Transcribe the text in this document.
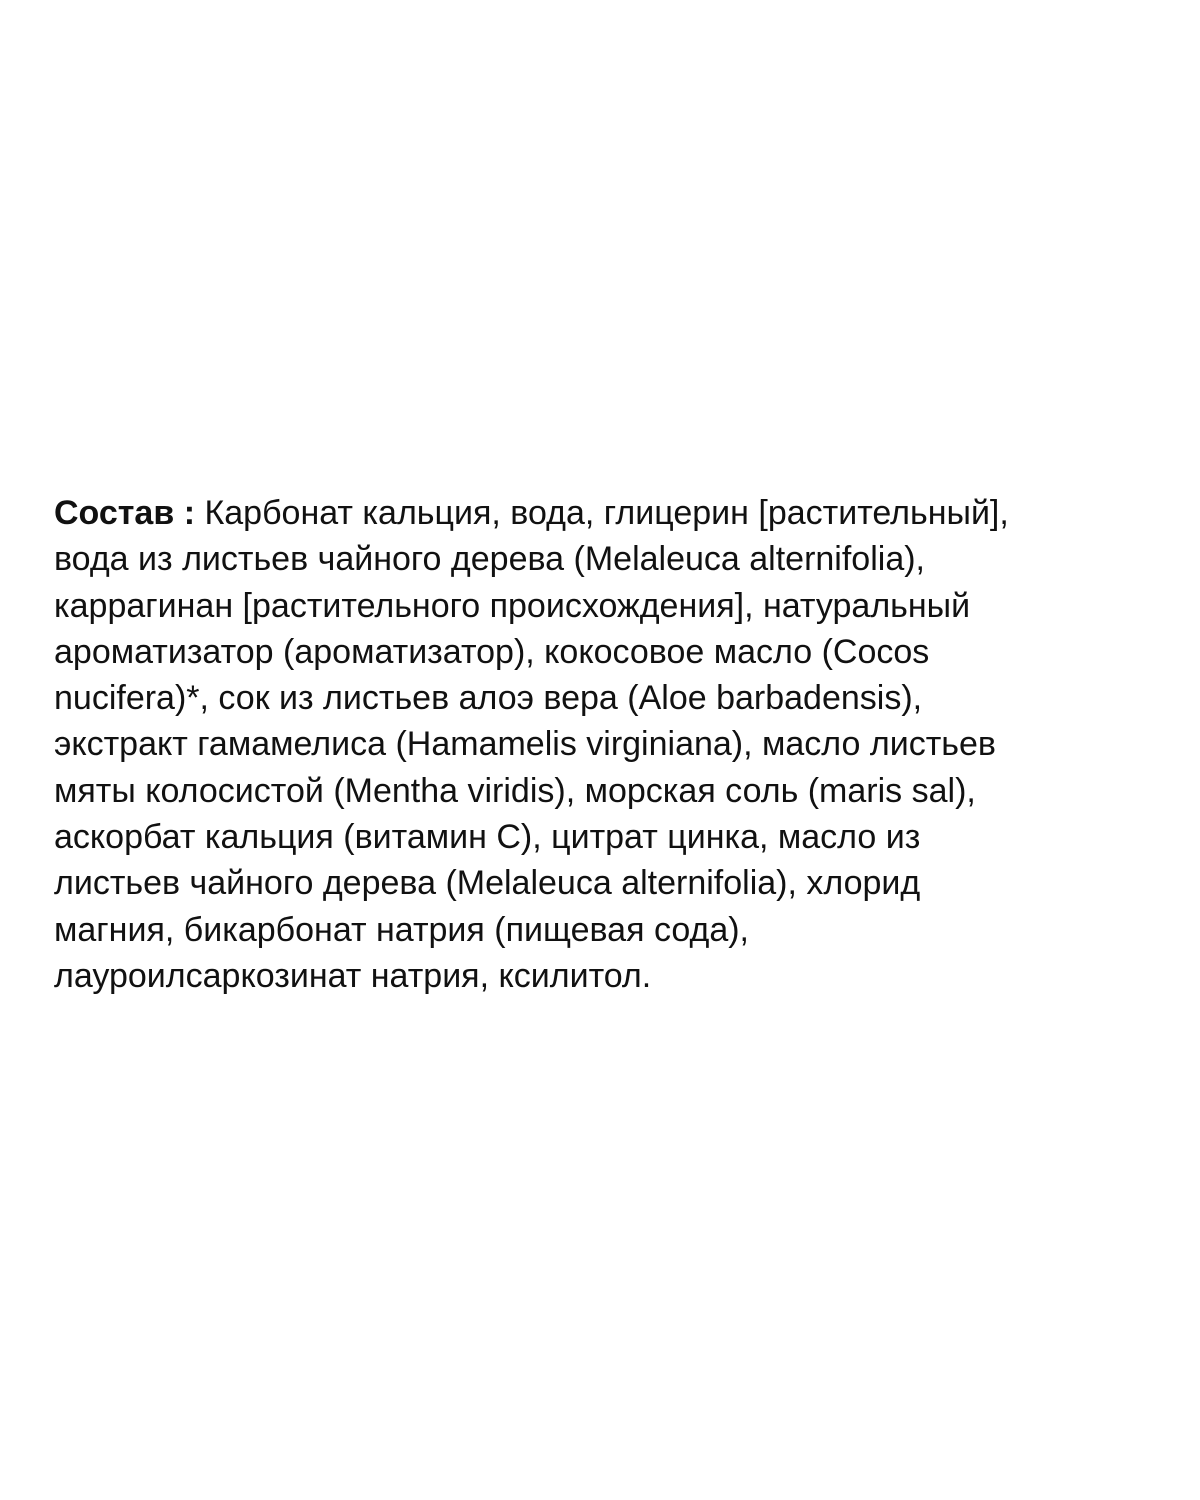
Состав : Карбонат кальция, вода, глицерин [растительный],
вода из листьев чайного дерева (Melaleuca alternifolia),
каррагинан [растительного происхождения], натуральный
ароматизатор (ароматизатор), кокосовое масло (Cocos
nucifera)*, сок из листьев алоэ вера (Aloe barbadensis),
экстракт гамамелиса (Hamamelis virginiana), масло листьев
мяты колосистой (Mentha viridis), морская соль (maris sal),
аскорбат кальция (витамин С), цитрат цинка, масло из
листьев чайного дерева (Melaleuca alternifolia), хлорид
магния, бикарбонат натрия (пищевая сода),
лауроилсаркозинат натрия, ксилитол.
